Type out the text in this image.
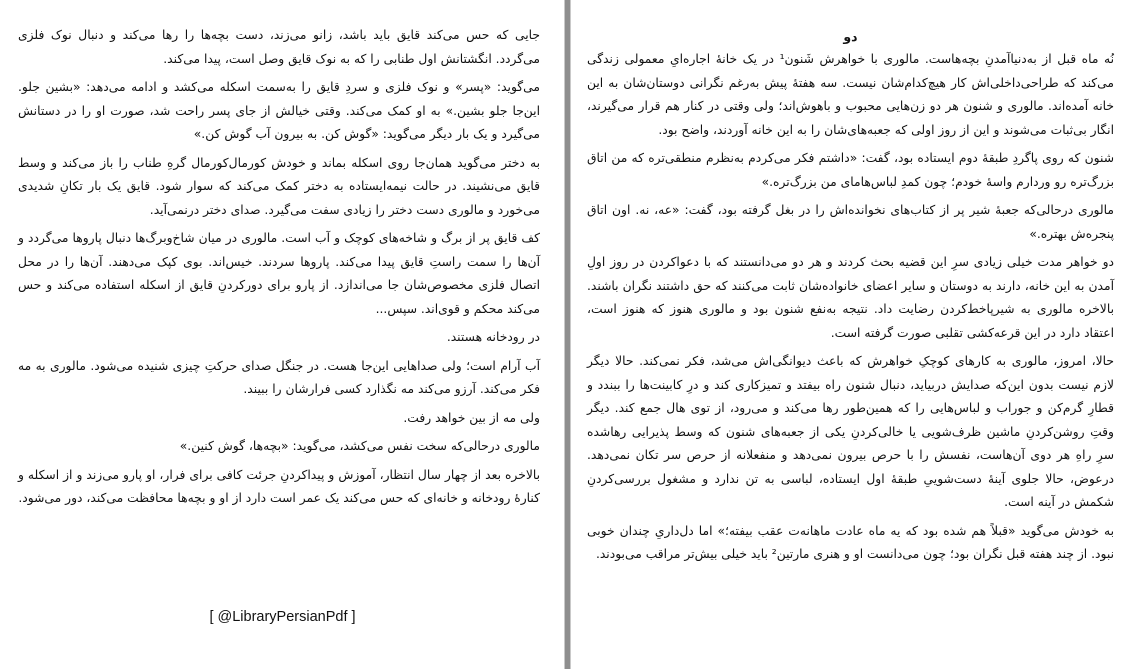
جایی که حس می‌کند قایق باید باشد، زانو می‌زند، دست بچه‌ها را رها می‌کند و دنبال نوک فلزی می‌گردد. انگشتانش اول طنابی را که به نوک قایق وصل است، پیدا می‌کند.

می‌گوید: «پسر» و نوک فلزی و سردِ قایق را به‌سمت اسکله می‌کشد و ادامه می‌دهد: «بشین جلو. این‌جا جلو بشین.» به او کمک می‌کند. وقتی خیالش از جای پسر راحت شد، صورت او را در دستانش می‌گیرد و یک بار دیگر می‌گوید: «گوش کن. به بیرون آب گوش کن.»

به دختر می‌گوید همان‌جا روی اسکله بماند و خودش کورمال‌کورمال گرهِ طناب را باز می‌کند و وسط قایق می‌نشیند. در حالت نیمه‌ایستاده به دختر کمک می‌کند که سوار شود. قایق یک بار تکانِ شدیدی می‌خورد و مالوری دست دختر را زیادی سفت می‌گیرد. صدای دختر درنمی‌آید.

کف قایق پر از برگ و شاخه‌های کوچک و آب است. مالوری در میان شاخ‌وبرگ‌ها دنبال پاروها می‌گردد و آن‌ها را سمت راستِ قایق پیدا می‌کند. پاروها سردند. خیس‌اند. بوی کپک می‌دهند. آن‌ها را در محل اتصال فلزی مخصوص‌شان جا می‌اندازد. از پارو برای دورکردنِ قایق از اسکله استفاده می‌کند و حس می‌کند محکم و قوی‌اند. سپس...

در رودخانه هستند.

آب آرام است؛ ولی صداهایی این‌جا هست. در جنگل صدای حرکتِ چیزی شنیده می‌شود. مالوری به مه فکر می‌کند. آرزو می‌کند مه نگذارد کسی فرارشان را ببیند.

ولی مه از بین خواهد رفت.

مالوری درحالی‌که سخت نفس می‌کشد، می‌گوید: «بچه‌ها، گوش کنین.»

بالاخره بعد از چهار سال انتظار، آموزش و پیداکردنِ جرئت کافی برای فرار، او پارو می‌زند و از اسکله و کنارهٔ رودخانه و خانه‌ای که حس می‌کند یک عمر است دارد از او و بچه‌ها محافظت می‌کند، دور می‌شود.

[ @LibraryPersianPdf ]
دو

نُه ماه قبل از به‌دنیاآمدنِ بچه‌هاست. مالوری با خواهرش شَنون¹ در یک خانهٔ اجاره‌ایِ معمولی زندگی می‌کند که طراحی‌داخلی‌اش کار هیچ‌کدام‌شان نیست. سه هفتهٔ پیش به‌رغم نگرانی دوستان‌شان به این خانه آمده‌اند. مالوری و شنون هر دو زن‌هایی محبوب و باهوش‌اند؛ ولی وقتی در کنار هم قرار می‌گیرند، انگار بی‌ثبات می‌شوند و این از روز اولی که جعبه‌های‌شان را به این خانه آوردند، واضح بود.

شنون که روی پاگردِ طبقهٔ دوم ایستاده بود، گفت: «داشتم فکر می‌کردم به‌نظرم منطقی‌تره که من اتاق بزرگ‌تره رو وردارم واسهٔ خودم؛ چون کمدِ لباس‌هامای من بزرگ‌تره.»

مالوری درحالی‌که جعبهٔ شیر پر از کتاب‌های نخوانده‌اش را در بغل گرفته بود، گفت: «عه، نه. اون اتاق پنجره‌ش بهتره.»

دو خواهر مدت خیلی زیادی سرِ این قضیه بحث کردند و هر دو می‌دانستند که با دعواکردن در روز اولِ آمدن به این خانه، دارند به دوستان و سایر اعضای خانواده‌شان ثابت می‌کنند که حق داشتند نگران باشند. بالاخره مالوری به شیرپاخط‌کردن رضایت داد. نتیجه به‌نفع شنون بود و مالوری هنوز که هنوز است، اعتقاد دارد در این قرعه‌کشی تقلبی صورت گرفته است.

حالا، امروز، مالوری به کارهای کوچکِ خواهرش که باعث دیوانگی‌اش می‌شد، فکر نمی‌کند. حالا دیگر لازم نیست بدون این‌که صدایش دربیاید، دنبال شنون راه بیفتد و تمیزکاری کند و درِ کابینت‌ها را ببندد و قطارِ گرم‌کن و جوراب و لباس‌هایی را که همین‌طور رها می‌کند و می‌رود، از توی هال جمع کند. دیگر وقتِ روشن‌کردنِ ماشین ظرف‌شویی یا خالی‌کردنِ یکی از جعبه‌های شنون که وسط پذیرایی رهاشده سرِ راهِ هر دوی آن‌هاست، نفسش را با حرص بیرون نمی‌دهد و منفعلانه از حرص سر تکان نمی‌دهد. درعوض، حالا جلوی آینهٔ دست‌شوییِ طبقهٔ اول ایستاده، لباسی به تن ندارد و مشغول بررسی‌کردنِ شکمش در آینه است.

به خودش می‌گوید «قبلاً هم شده بود که یه ماه عادت ماهانه‌ت عقب بیفته؛» اما دل‌داریِ چندان خوبی نبود. از چند هفته قبل نگران بود؛ چون می‌دانست او و هنری مارتین² باید خیلی بیش‌تر مراقب می‌بودند.
